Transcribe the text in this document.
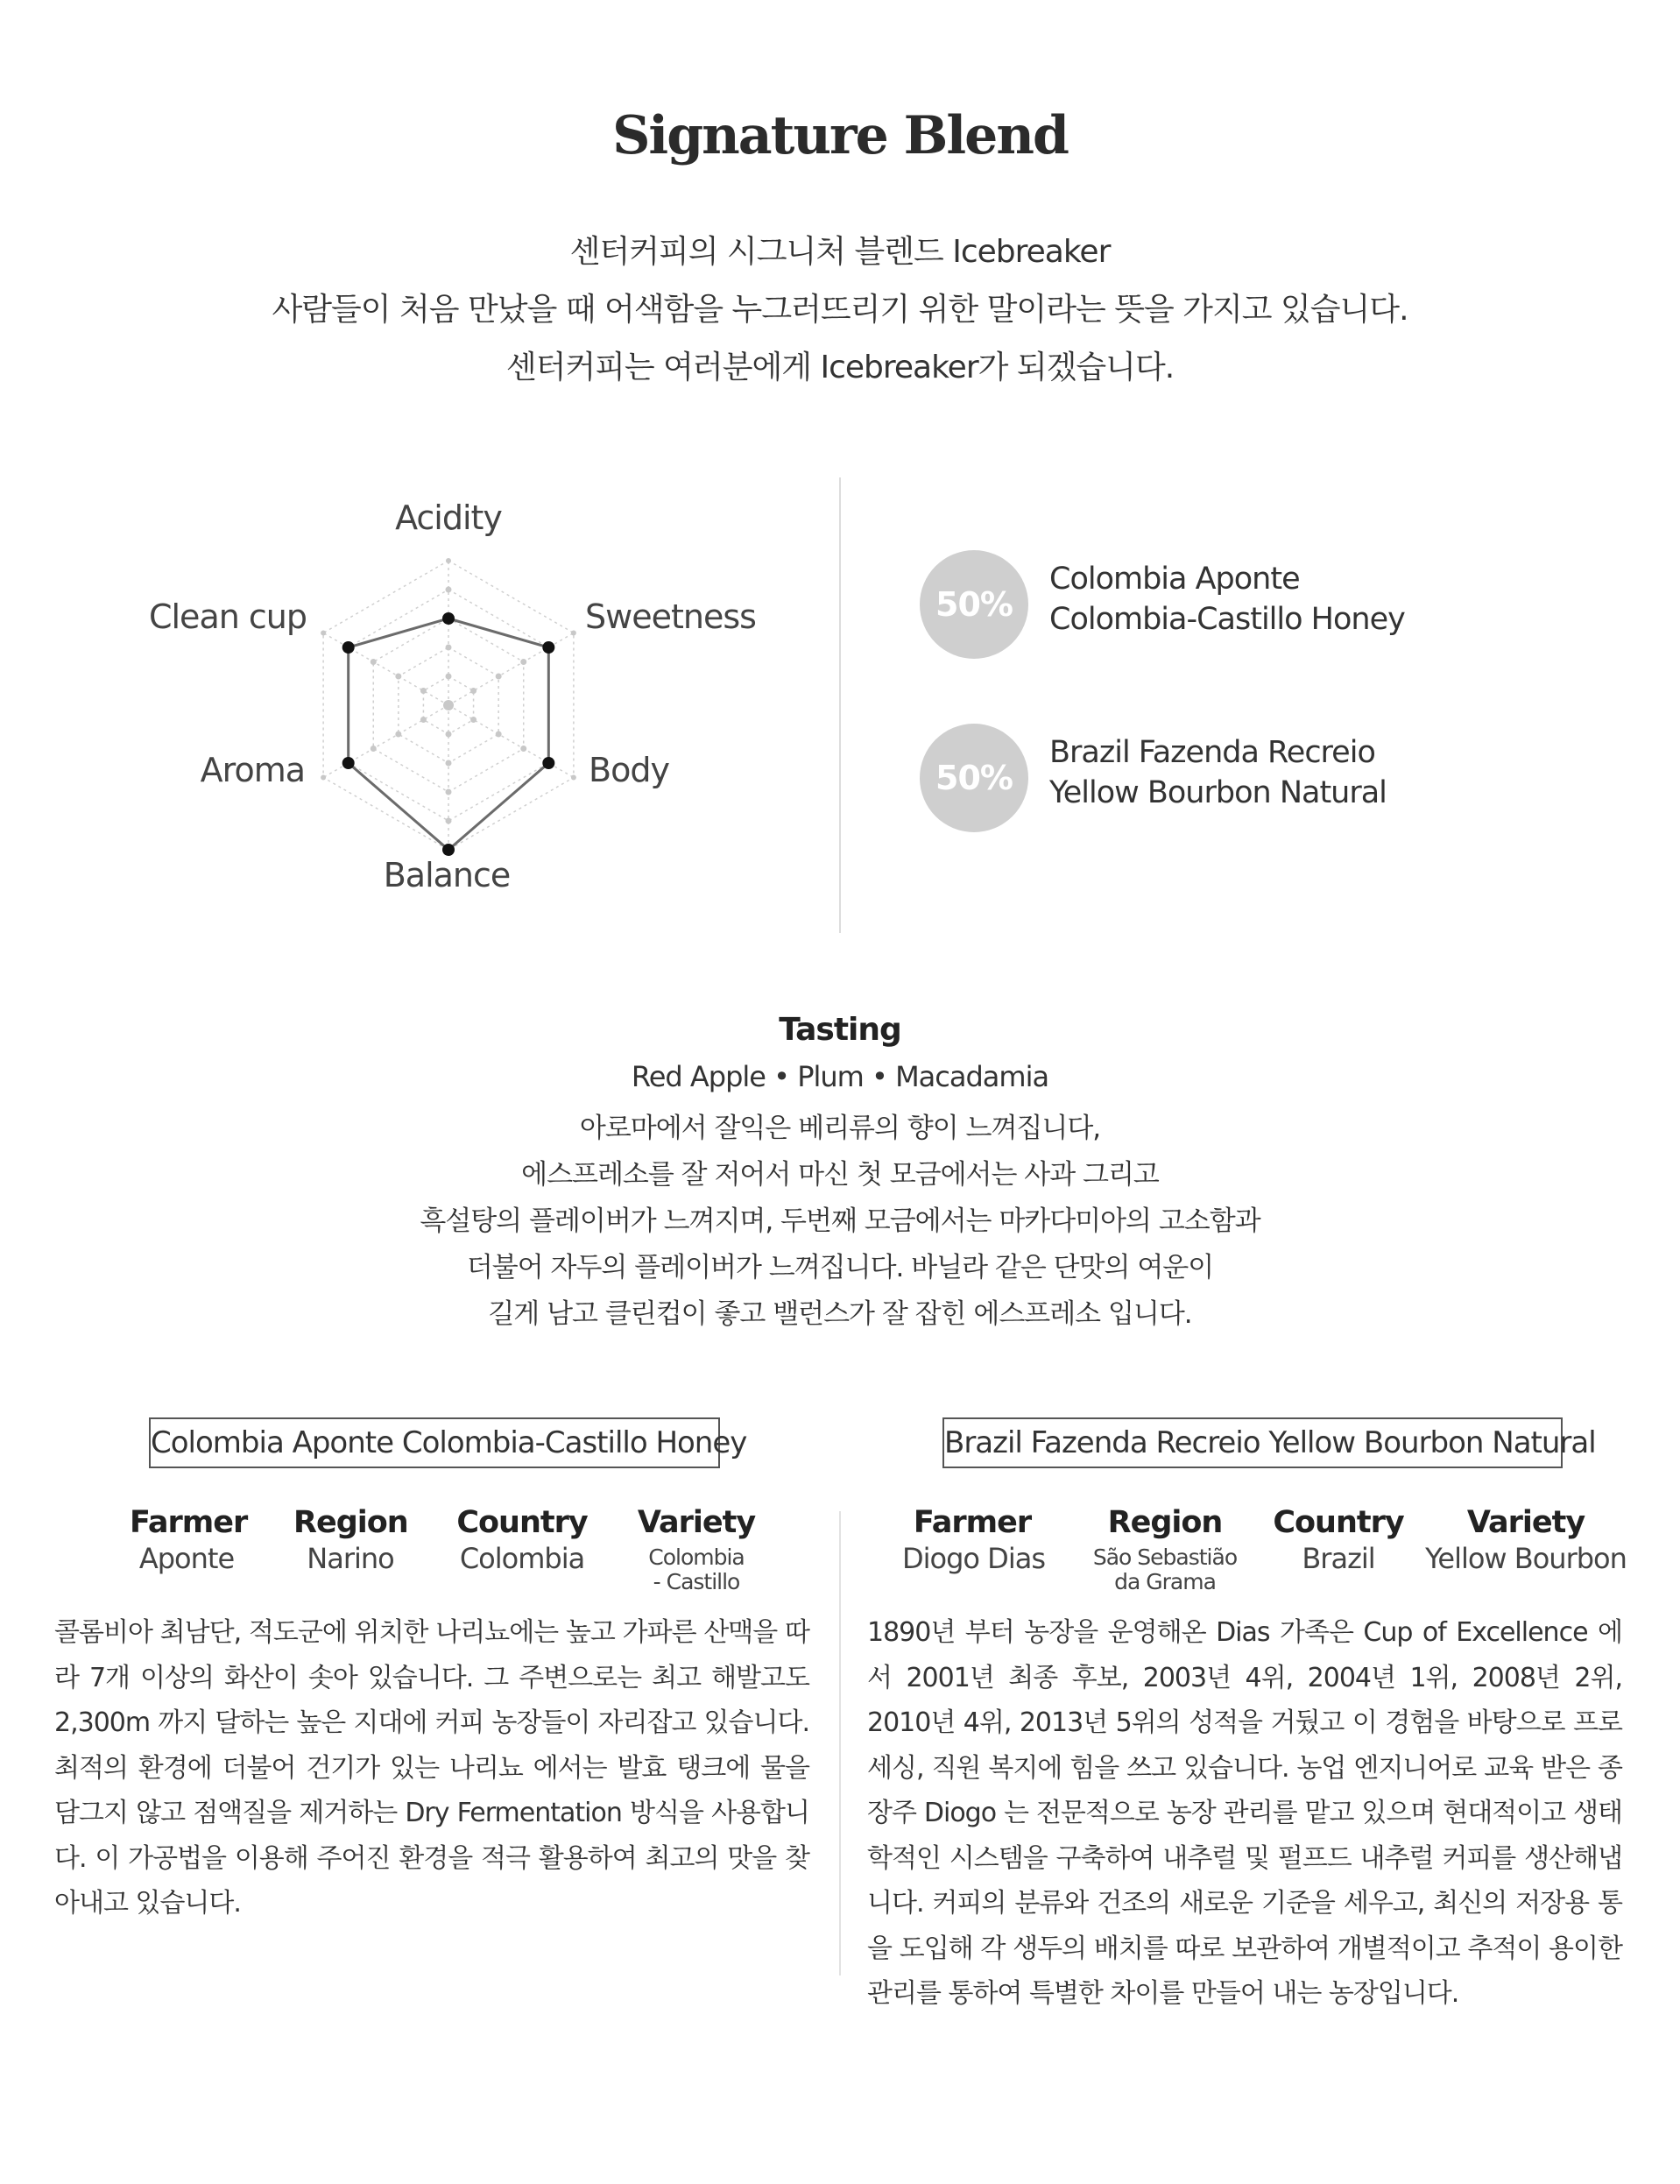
Signature Blend
센터커피의 시그니처 블렌드 Icebreaker
사람들이 처음 만났을 때 어색함을 누그러뜨리기 위한 말이라는 뜻을 가지고 있습니다.
센터커피는 여러분에게 Icebreaker가 되겠습니다.
Acidity
Sweetness
Body
Balance
Aroma
Clean cup	50%
Colombia Aponte
Colombia-Castillo Honey
50%
Brazil Fazenda Recreio
Yellow Bourbon Natural
Tasting
Red Apple • Plum • Macadamia
아로마에서 잘익은 베리류의 향이 느껴집니다,
에스프레소를 잘 저어서 마신 첫 모금에서는 사과 그리고
흑설탕의 플레이버가 느껴지며, 두번째 모금에서는 마카다미아의 고소함과
더불어 자두의 플레이버가 느껴집니다. 바닐라 같은 단맛의 여운이
길게 남고 클린컵이 좋고 밸런스가 잘 잡힌 에스프레소 입니다.
Colombia Aponte Colombia-Castillo Honey	Brazil Fazenda Recreio Yellow Bourbon Natural
Farmer
Aponte
Region
Narino
Country
Colombia
Variety
Colombia
- Castillo
Farmer
Diogo Dias
Region
São Sebastião
da Grama
Country
Brazil
Variety
Yellow Bourbon
콜롬비아 최남단, 적도군에 위치한 나리뇨에는 높고 가파른 산맥을 따라 7개 이상의 화산이 솟아 있습니다. 그 주변으로는 최고 해발고도 2,300m 까지 달하는 높은 지대에 커피 농장들이 자리잡고 있습니다. 최적의 환경에 더불어 건기가 있는 나리뇨 에서는 발효 탱크에 물을 담그지 않고 점액질을 제거하는 Dry Fermentation 방식을 사용합니다. 이 가공법을 이용해 주어진 환경을 적극 활용하여 최고의 맛을 찾아내고 있습니다.
1890년 부터 농장을 운영해온 Dias 가족은 Cup of Excellence 에서 2001년 최종 후보, 2003년 4위, 2004년 1위, 2008년 2위, 2010년 4위, 2013년 5위의 성적을 거뒀고 이 경험을 바탕으로 프로세싱, 직원 복지에 힘을 쓰고 있습니다. 농업 엔지니어로 교육 받은 종장주 Diogo 는 전문적으로 농장 관리를 맡고 있으며 현대적이고 생태학적인 시스템을 구축하여 내추럴 및 펄프드 내추럴 커피를 생산해냅니다. 커피의 분류와 건조의 새로운 기준을 세우고, 최신의 저장용 통을 도입해 각 생두의 배치를 따로 보관하여 개별적이고 추적이 용이한 관리를 통하여 특별한 차이를 만들어 내는 농장입니다.
